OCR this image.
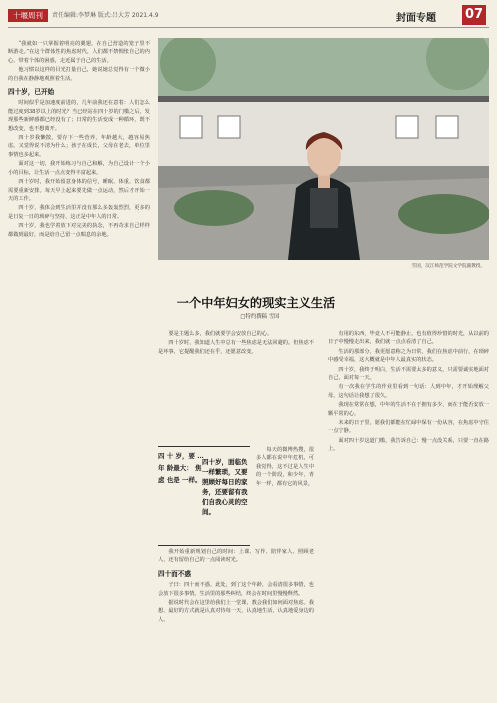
十堰周刊	责任编辑:李梦琳 版式:吕大芳 2021.4.9	封面专题 07

“我就如一只掌握着明亮的翼翅，在自己营造的笼子里不断游走。”在这个群体性的焦虑时代，人们都不禁惆怅自己的内心。带着个体的困惑，走近属于自己的生活。

他习惯以这样的目光打量自己，她说她总觉得有一个微小的自我在静静地观照着生活。

四十岁，已开始

时间似乎是加速度前进的，几年前我还在意着：人们怎么能过度到38岁以上的时光？当已经站在四十岁的门槛之后，发现那些新鲜感都已经没有了；日常的生活变成一种循环，既不想改变，也不想离开。

四十岁我懒散，要存下一些营养，年龄越大，越容易焦虑。又觉得说不清为什么；孩子在成长，父母在老去，单位里事情也多起来。

面对这一切，我开始练习与自己和解，为自己设计一个小小的目标，让生活一点点变得丰富起来。

四十岁时，我开始留意身体的信号，睡眠、体重、饮食都需要重新安排。每天早上起来要先做一点运动，然后才开始一天的工作。

四十岁，我体会到生活里并没有那么多轰轰烈烈，更多的是日复一日的琐碎与坚持，这正是中年人的日常。

四十岁，我也学着放下对完美的执念，不再苛求自己样样都做到最好，而是给自己留一点喘息的余地。

雪国，汉江师范学院文学院副教授。
一个中年妇女的现实主义生活
□特约撰稿 雪国

要是主题么多，我们就要学会安放自己的心。

四十岁时，我知道人生中总有一些焦虑是无法回避的。但焦虑不是坏事，它提醒我们还在乎，还愿意改变。

四 十 岁，要 … 年 龄最大： 焦 虑 也是 一样。
四十岁，面临负一样繁琐，又要照顾好每日的家务，还要留有我们自我心灵的空间。

每天的微博热搜，很多人都在说中年危机，可我觉得，这不过是人生中的一个阶段，和少年、青年一样，都有它的风景。

我开始重新规划自己的时间：上课、写作、陪伴家人、照顾老人，还有留给自己的一点阅读时光。

四十而不惑

子曰：四十而不惑。此处，到了这个年龄，会看清很多事情，也会放下很多事情。生活里的那些纠结，终会在时间里慢慢释然。

据说时代会在这里给我们上一堂课，教会我们如何面对焦虑。我想，最好的方式就是认真对待每一天，认真地生活，认真地爱身边的人。

有用的东西，毕竟人不可能静止，也有值得珍惜的时光，从以前的日子中慢慢走出来，我们就一点点看清了自己。

生活的那部分，我更愿意称之为日常，我们在焦虑中前行，在琐碎中感受幸福，这大概就是中年人最真实的状态。

四十岁，我终于明白，生活不需要太多的意义，只需要诚实地面对自己，面对每一天。

有一次我在学生的作业里看到一句话：人到中年，才开始理解父母。这句话让我想了很久。

我现在常常在想，中年的生活不在于拥有多少，而在于能否安放一颗平常的心。

未来的日子里，愿我们都能在忙碌中保有一份从容，在焦虑中守住一点宁静。

面对四十岁这道门槛，我告诉自己：慢一点没关系，只要一直在路上。
